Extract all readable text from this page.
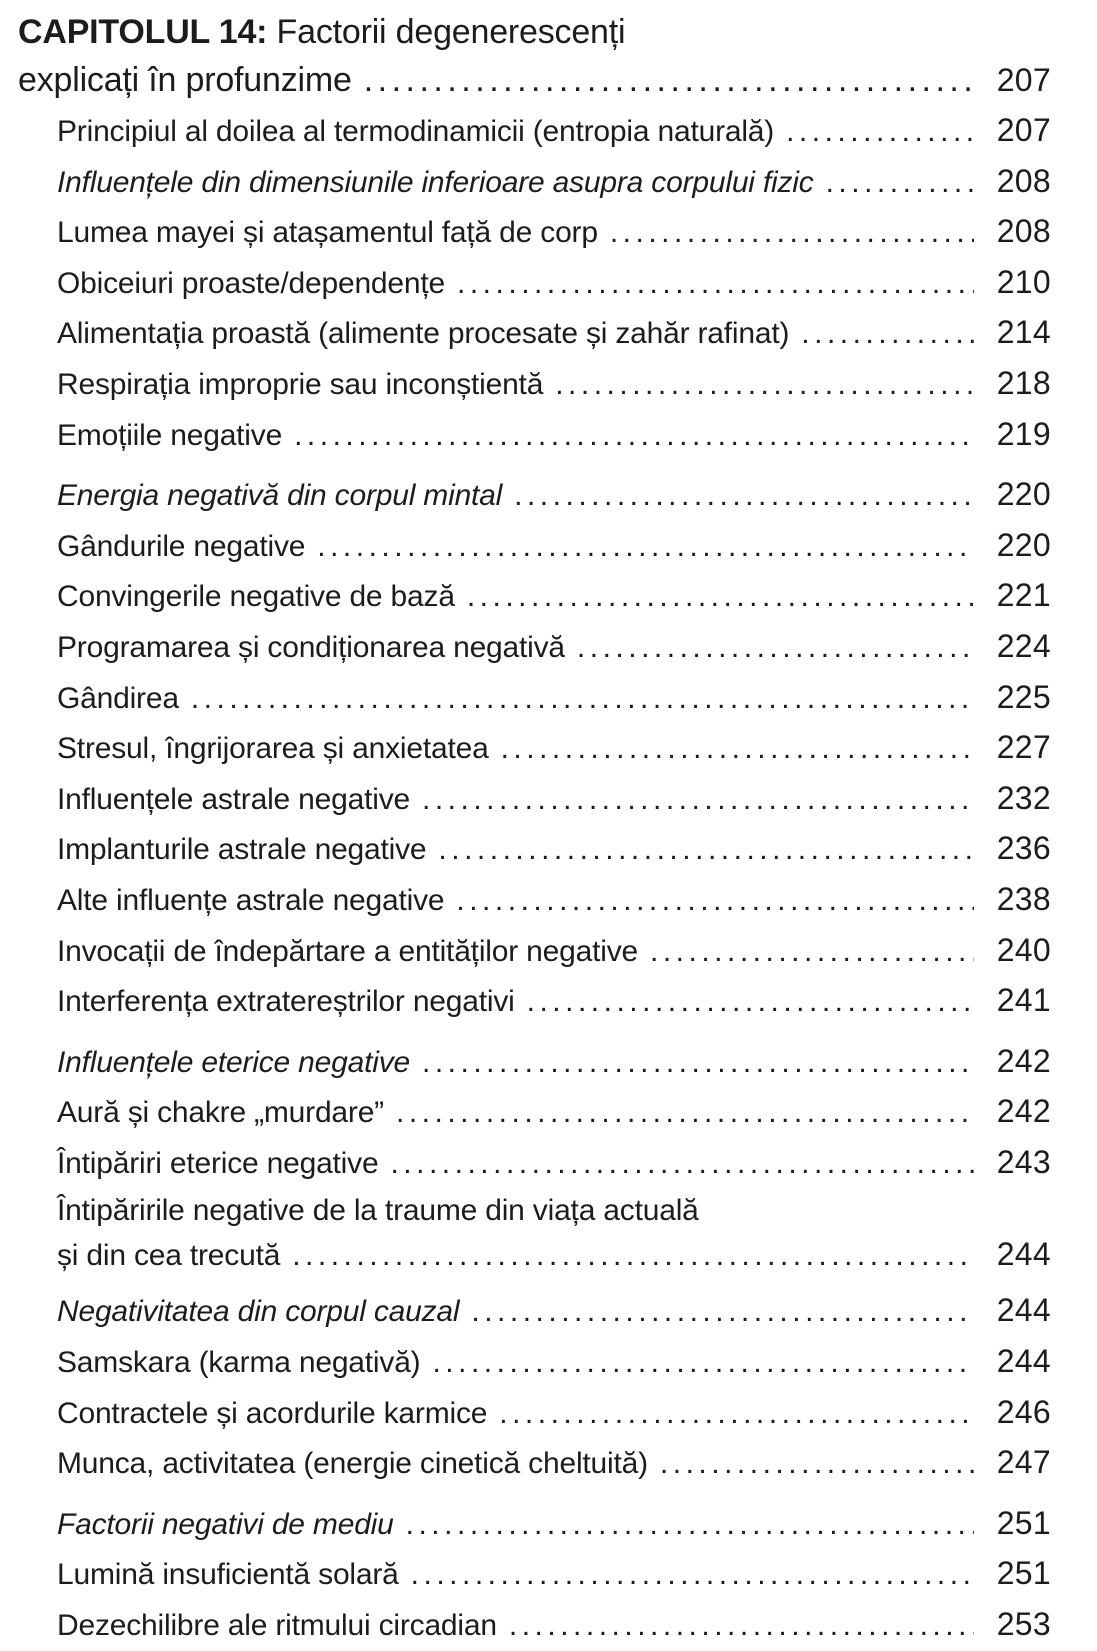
CAPITOLUL 14: Factorii degenerescenți
explicați în profunzime .....	207
Principiul al doilea al termodinamicii (entropia naturală) .....	207
Influențele din dimensiunile inferioare asupra corpului fizic .....	208
Lumea mayei și atașamentul față de corp .....	208
Obiceiuri proaste/dependențe .....	210
Alimentația proastă (alimente procesate și zahăr rafinat) .....	214
Respirația improprie sau inconștientă .....	218
Emoțiile negative .....	219
Energia negativă din corpul mintal .....	220
Gândurile negative .....	220
Convingerile negative de bază .....	221
Programarea și condiționarea negativă .....	224
Gândirea .....	225
Stresul, îngrijorarea și anxietatea .....	227
Influențele astrale negative .....	232
Implanturile astrale negative .....	236
Alte influențe astrale negative .....	238
Invocații de îndepărtare a entităților negative .....	240
Interferența extratereștrilor negativi .....	241
Influențele eterice negative .....	242
Aură și chakre „murdare” .....	242
Întipăriri eterice negative .....	243
Întipăririle negative de la traume din viața actuală
și din cea trecută .....	244
Negativitatea din corpul cauzal .....	244
Samskara (karma negativă) .....	244
Contractele și acordurile karmice .....	246
Munca, activitatea (energie cinetică cheltuită) .....	247
Factorii negativi de mediu .....	251
Lumină insuficientă solară .....	251
Dezechilibre ale ritmului circadian .....	253
